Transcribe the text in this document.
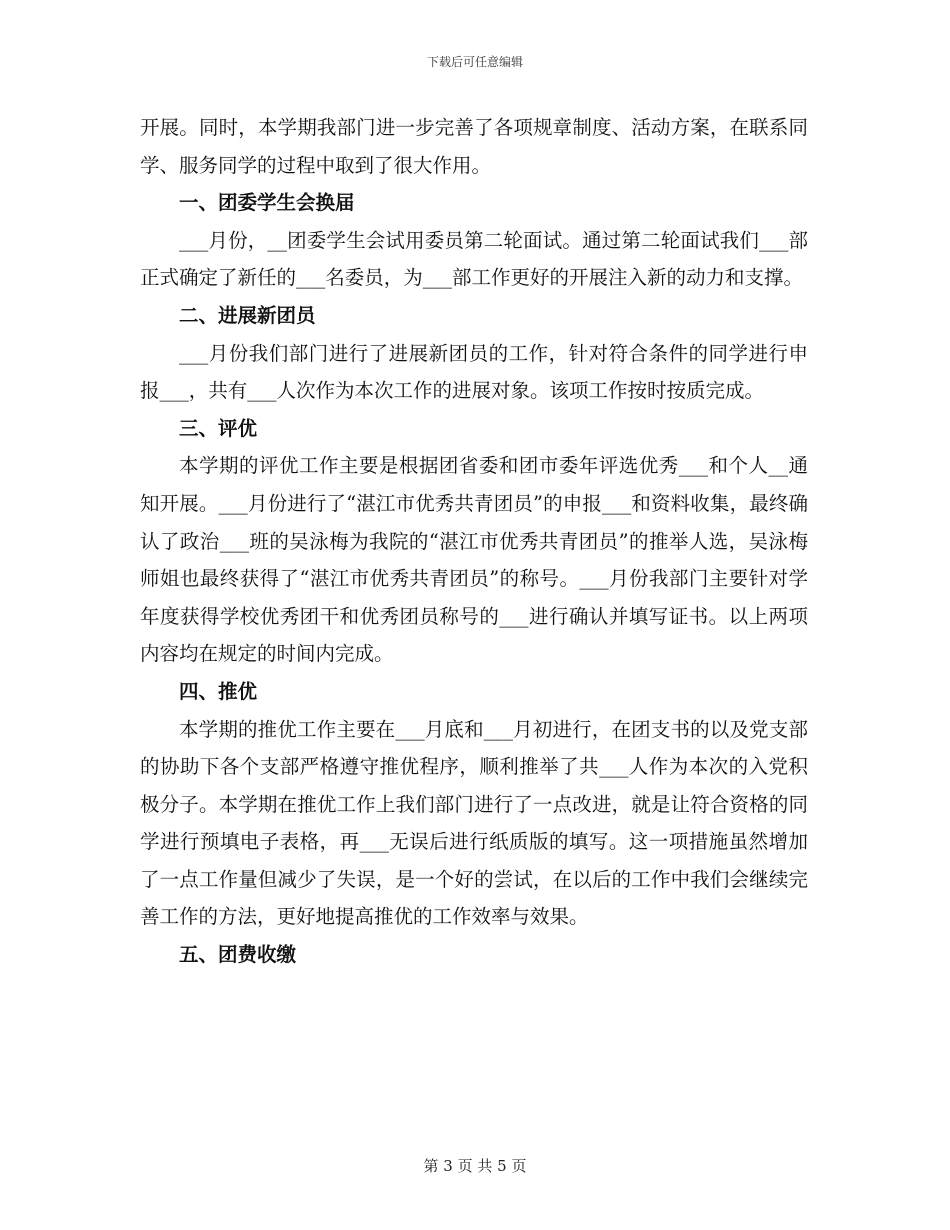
下载后可任意编辑

开展。同时，本学期我部门进一步完善了各项规章制度、活动方案，在联系同学、服务同学的过程中取到了很大作用。

一、团委学生会换届

___月份，__团委学生会试用委员第二轮面试。通过第二轮面试我们___部正式确定了新任的___名委员，为___部工作更好的开展注入新的动力和支撑。

二、进展新团员

___月份我们部门进行了进展新团员的工作，针对符合条件的同学进行申报___，共有___人次作为本次工作的进展对象。该项工作按时按质完成。

三、评优

本学期的评优工作主要是根据团省委和团市委年评选优秀___和个人__通知开展。___月份进行了“湛江市优秀共青团员”的申报___和资料收集，最终确认了政治___班的吴泳梅为我院的“湛江市优秀共青团员”的推举人选，吴泳梅师姐也最终获得了“湛江市优秀共青团员”的称号。___月份我部门主要针对学年度获得学校优秀团干和优秀团员称号的___进行确认并填写证书。以上两项内容均在规定的时间内完成。

四、推优

本学期的推优工作主要在___月底和___月初进行，在团支书的以及党支部的协助下各个支部严格遵守推优程序，顺利推举了共___人作为本次的入党积极分子。本学期在推优工作上我们部门进行了一点改进，就是让符合资格的同学进行预填电子表格，再___无误后进行纸质版的填写。这一项措施虽然增加了一点工作量但减少了失误，是一个好的尝试，在以后的工作中我们会继续完善工作的方法，更好地提高推优的工作效率与效果。

五、团费收缴
第 3 页 共 5 页
